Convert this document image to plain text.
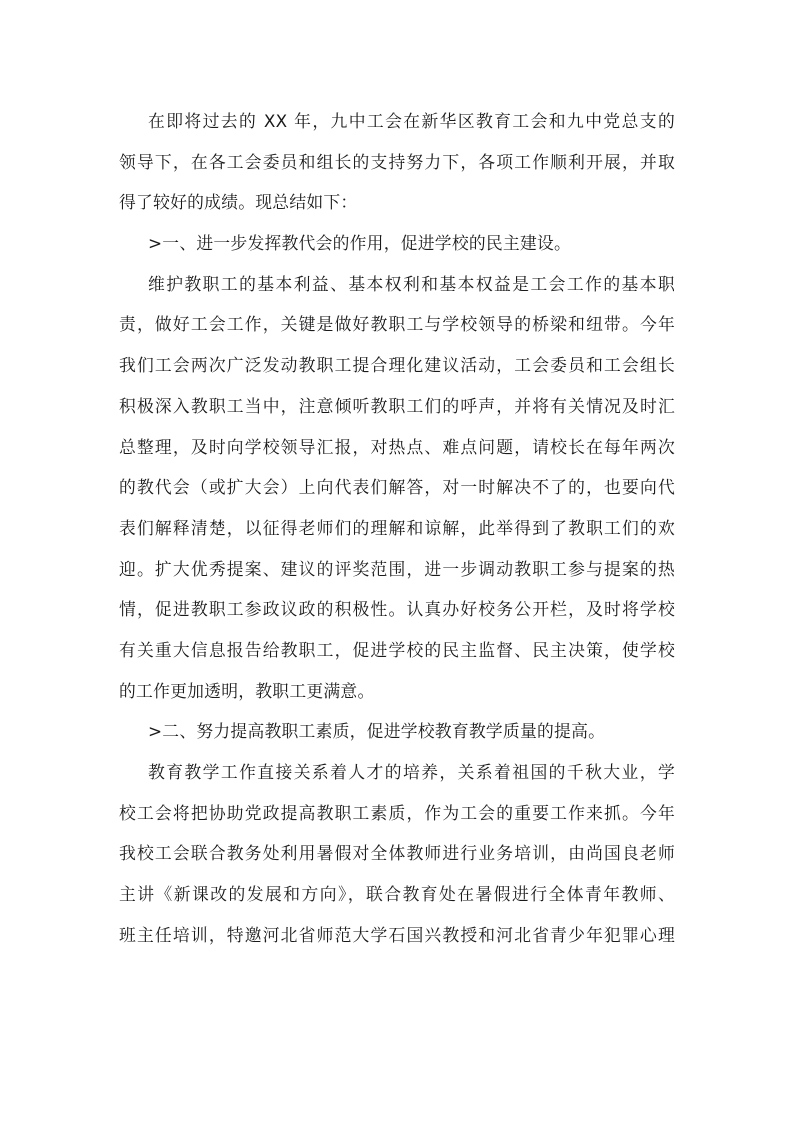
在即将过去的 XX 年，九中工会在新华区教育工会和九中党总支的
领导下，在各工会委员和组长的支持努力下，各项工作顺利开展，并取
得了较好的成绩。现总结如下：
>一、进一步发挥教代会的作用，促进学校的民主建设。
维护教职工的基本利益、基本权利和基本权益是工会工作的基本职
责，做好工会工作，关键是做好教职工与学校领导的桥梁和纽带。今年
我们工会两次广泛发动教职工提合理化建议活动，工会委员和工会组长
积极深入教职工当中，注意倾听教职工们的呼声，并将有关情况及时汇
总整理，及时向学校领导汇报，对热点、难点问题，请校长在每年两次
的教代会（或扩大会）上向代表们解答，对一时解决不了的，也要向代
表们解释清楚，以征得老师们的理解和谅解，此举得到了教职工们的欢
迎。扩大优秀提案、建议的评奖范围，进一步调动教职工参与提案的热
情，促进教职工参政议政的积极性。认真办好校务公开栏，及时将学校
有关重大信息报告给教职工，促进学校的民主监督、民主决策，使学校
的工作更加透明，教职工更满意。
>二、努力提高教职工素质，促进学校教育教学质量的提高。
教育教学工作直接关系着人才的培养，关系着祖国的千秋大业，学
校工会将把协助党政提高教职工素质，作为工会的重要工作来抓。今年
我校工会联合教务处利用暑假对全体教师进行业务培训，由尚国良老师
主讲《新课改的发展和方向》，联合教育处在暑假进行全体青年教师、
班主任培训，特邀河北省师范大学石国兴教授和河北省青少年犯罪心理
